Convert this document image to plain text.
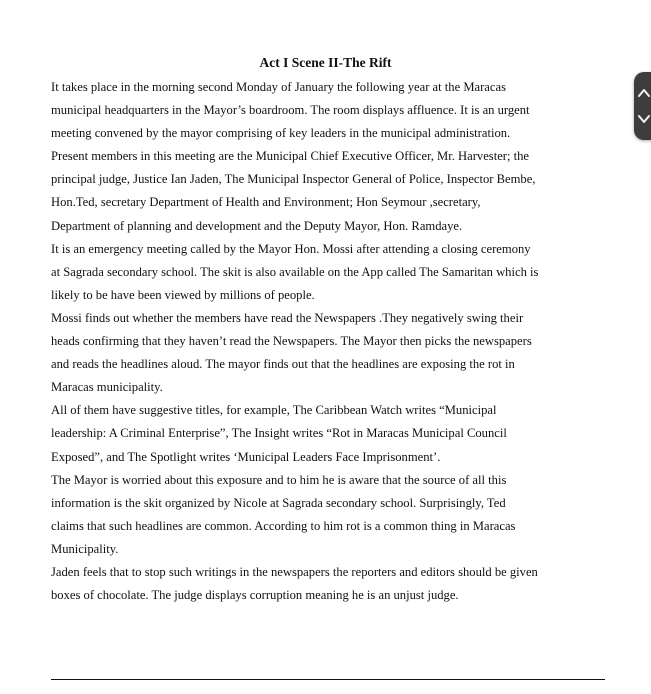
Act I Scene II-The Rift
It takes place in the morning second Monday of January the following year at the Maracas
municipal headquarters in the Mayor’s boardroom. The room displays affluence. It is an urgent
meeting convened by the mayor comprising of key leaders in the municipal administration.
Present members in this meeting are the Municipal Chief Executive Officer, Mr. Harvester; the
principal judge, Justice Ian Jaden, The Municipal Inspector General of Police, Inspector Bembe,
Hon.Ted, secretary Department of Health and Environment; Hon Seymour ,secretary,
Department of planning and development and the Deputy Mayor, Hon. Ramdaye.
It is an emergency meeting called by the Mayor Hon. Mossi after attending a closing ceremony
at Sagrada secondary school. The skit is also available on the App called The Samaritan which is
likely to be have been viewed by millions of people.
Mossi finds out whether the members have read the Newspapers .They negatively swing their
heads confirming that they haven’t read the Newspapers. The Mayor then picks the newspapers
and reads the headlines aloud. The mayor finds out that the headlines are exposing the rot in
Maracas municipality.
All of them have suggestive titles, for example, The Caribbean Watch writes “Municipal
leadership: A Criminal Enterprise”, The Insight writes “Rot in Maracas Municipal Council
Exposed”, and The Spotlight writes ‘Municipal Leaders Face Imprisonment’.
The Mayor is worried about this exposure and to him he is aware that the source of all this
information is the skit organized by Nicole at Sagrada secondary school. Surprisingly, Ted
claims that such headlines are common. According to him rot is a common thing in Maracas
Municipality.
Jaden feels that to stop such writings in the newspapers the reporters and editors should be given
boxes of chocolate. The judge displays corruption meaning he is an unjust judge.
